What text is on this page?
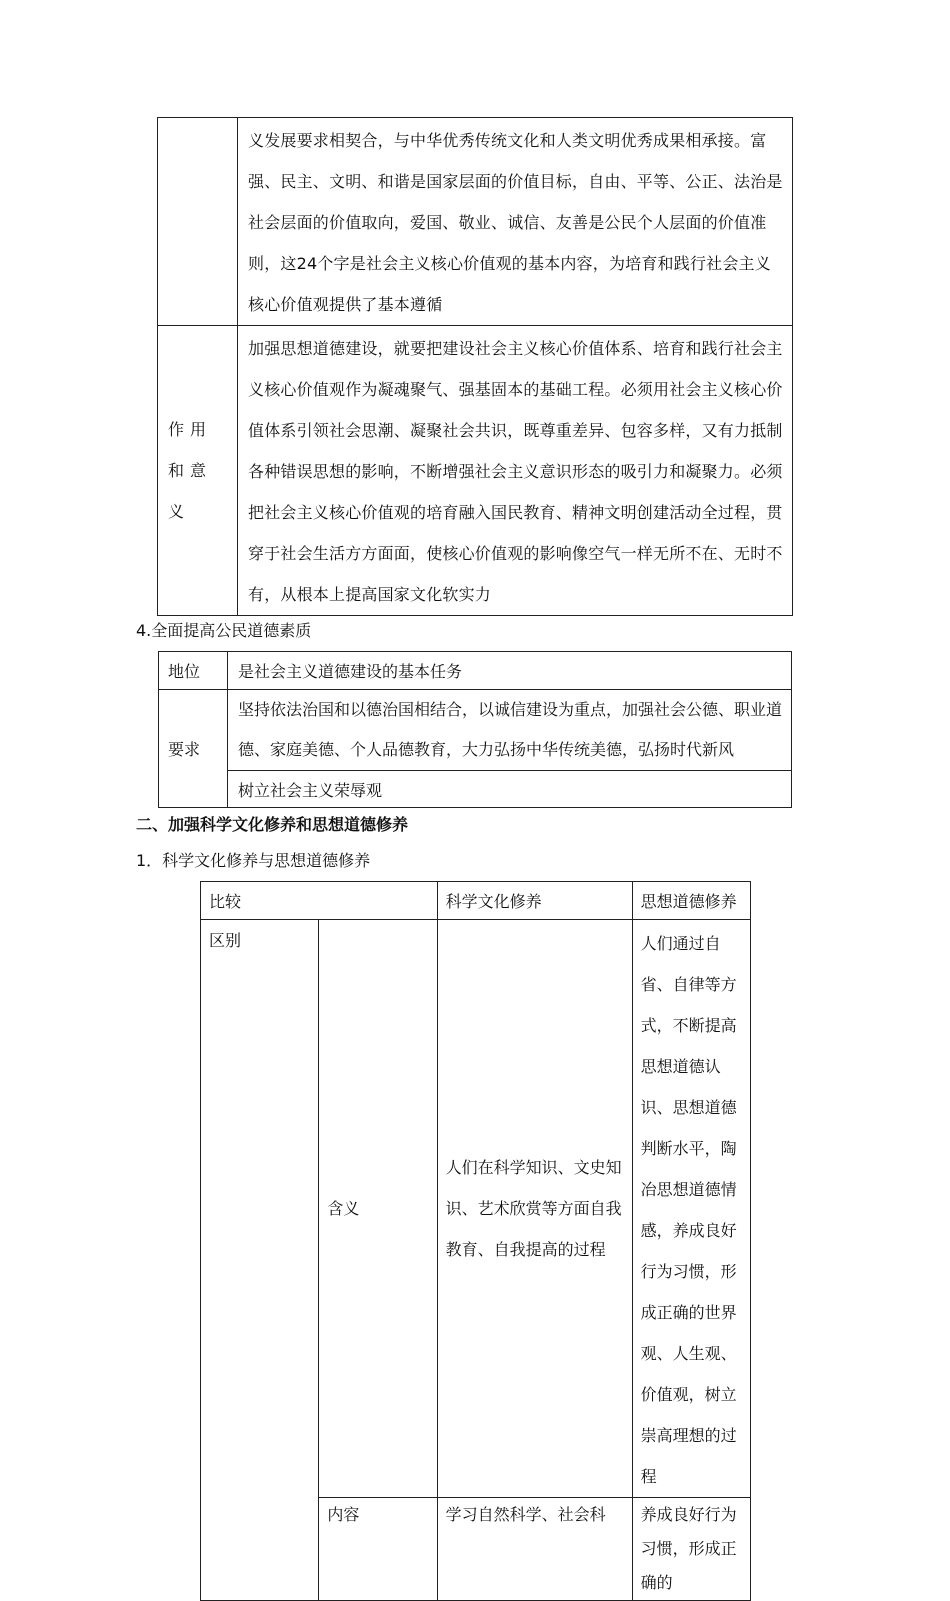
	义发展要求相契合，与中华优秀传统文化和人类文明优秀成果相承接。富强、民主、文明、和谐是国家层面的价值目标，自由、平等、公正、法治是社会层面的价值取向，爱国、敬业、诚信、友善是公民个人层面的价值准则，这24个字是社会主义核心价值观的基本内容，为培育和践行社会主义核心价值观提供了基本遵循
作用和意义	加强思想道德建设，就要把建设社会主义核心价值体系、培育和践行社会主义核心价值观作为凝魂聚气、强基固本的基础工程。必须用社会主义核心价值体系引领社会思潮、凝聚社会共识，既尊重差异、包容多样，又有力抵制各种错误思想的影响，不断增强社会主义意识形态的吸引力和凝聚力。必须把社会主义核心价值观的培育融入国民教育、精神文明创建活动全过程，贯穿于社会生活方方面面，使核心价值观的影响像空气一样无所不在、无时不有，从根本上提高国家文化软实力
4.全面提高公民道德素质
地位	是社会主义道德建设的基本任务
要求	坚持依法治国和以德治国相结合，以诚信建设为重点，加强社会公德、职业道德、家庭美德、个人品德教育，大力弘扬中华传统美德，弘扬时代新风
	树立社会主义荣辱观
二、加强科学文化修养和思想道德修养
1．科学文化修养与思想道德修养
比较		科学文化修养	思想道德修养
区别	含义	人们在科学知识、文史知识、艺术欣赏等方面自我教育、自我提高的过程	人们通过自省、自律等方式，不断提高思想道德认识、思想道德判断水平，陶冶思想道德情感，养成良好行为习惯，形成正确的世界观、人生观、价值观，树立崇高理想的过程
	内容	学习自然科学、社会科	养成良好行为习惯，形成正确的
